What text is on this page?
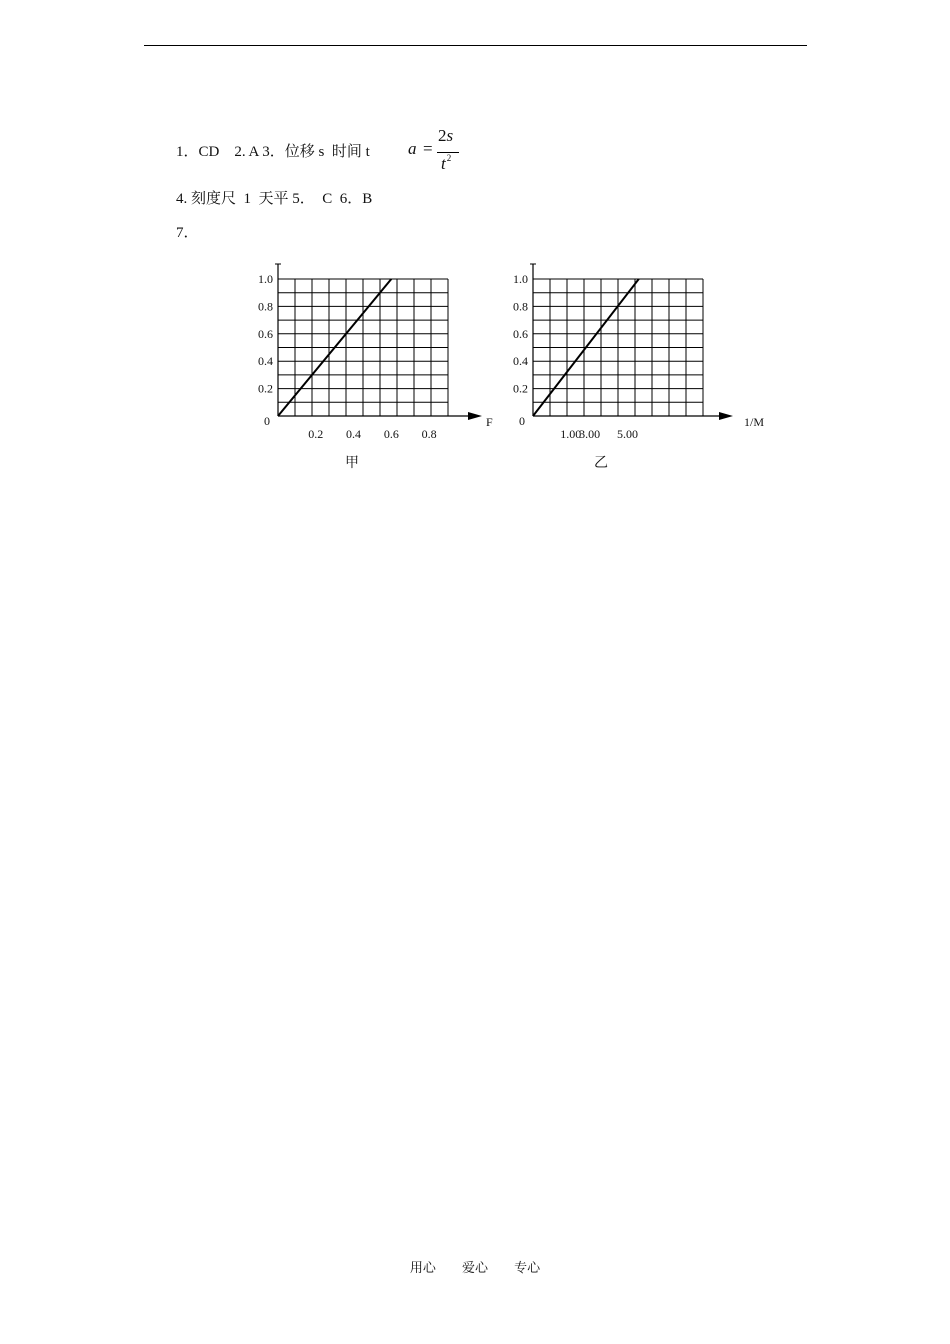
1．CD    2. A 3．位移 s  时间 t a =
2s
$t^2$
4. 刻度尺  1  天平 5．  C  6．B
7．
0
0.2
0.4
0.6
0.8
1.0
0.2 0.4 0.6 0.8
F 0
0.2
0.4
0.6
0.8
1.0
1.00
3.00 5.00
1/M
甲	乙
用心 爱心 专心
